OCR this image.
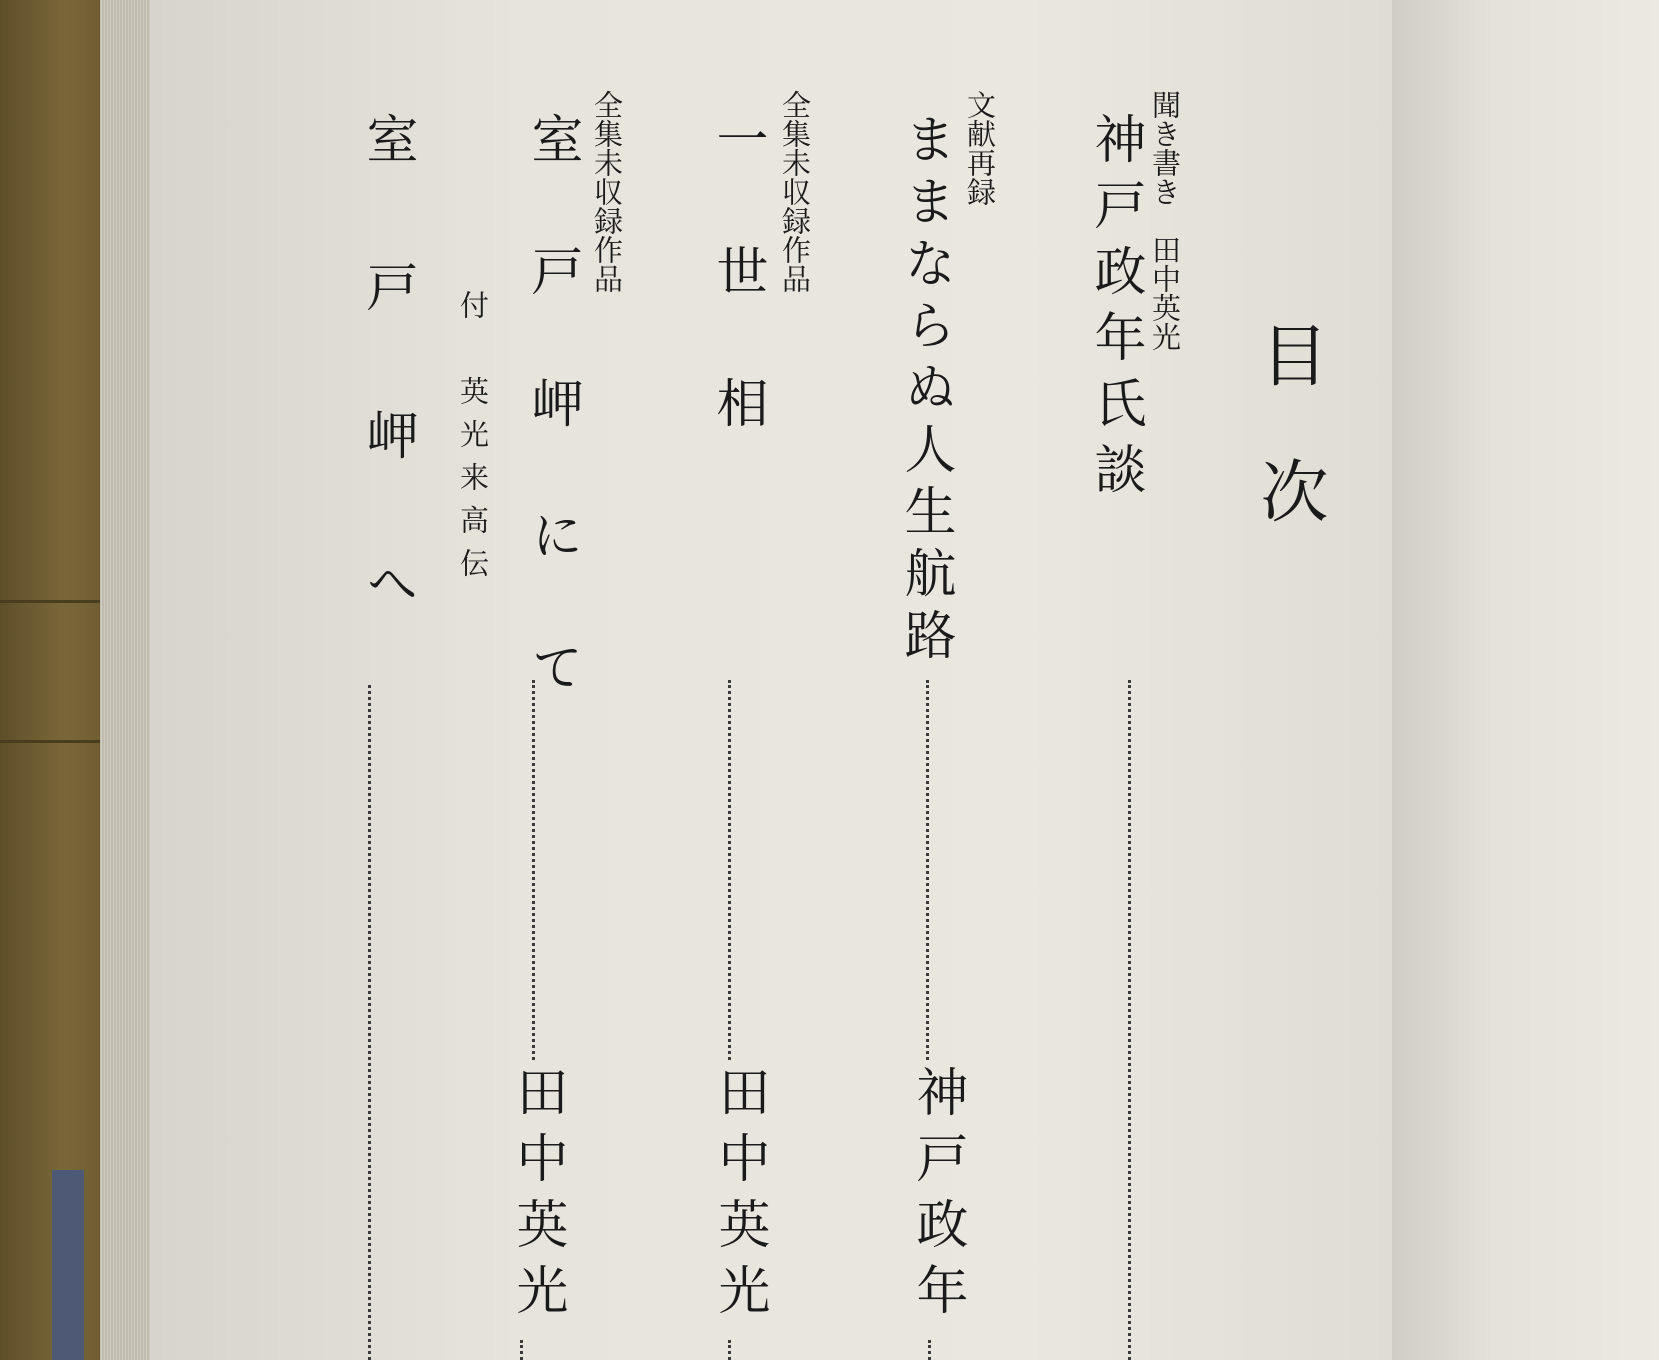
目　次
聞き書き　田中英光
神戸政年氏談
文献再録
ままならぬ人生航路
神戸政年
全集未収録作品
一　世　相
田中英光
全集未収録作品
室　戸　岬　に　て
田中英光
付　英光来高伝
室　戸　岬　へ
